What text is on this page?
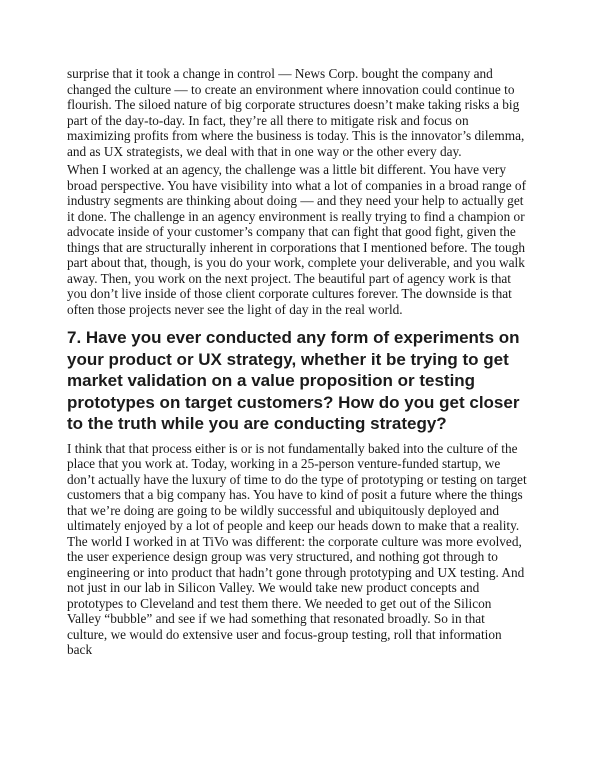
surprise that it took a change in control — News Corp. bought the company and changed the culture — to create an environment where innovation could continue to flourish. The siloed nature of big corporate structures doesn’t make taking risks a big part of the day-to-day. In fact, they’re all there to mitigate risk and focus on maximizing profits from where the business is today. This is the innovator’s dilemma, and as UX strategists, we deal with that in one way or the other every day.

When I worked at an agency, the challenge was a little bit different. You have very broad perspective. You have visibility into what a lot of companies in a broad range of industry segments are thinking about doing — and they need your help to actually get it done. The challenge in an agency environment is really trying to find a champion or advocate inside of your customer’s company that can fight that good fight, given the things that are structurally inherent in corporations that I mentioned before. The tough part about that, though, is you do your work, complete your deliverable, and you walk away. Then, you work on the next project. The beautiful part of agency work is that you don’t live inside of those client corporate cultures forever. The downside is that often those projects never see the light of day in the real world.

7. Have you ever conducted any form of experiments on your product or UX strategy, whether it be trying to get market validation on a value proposition or testing prototypes on target customers? How do you get closer to the truth while you are conducting strategy?

I think that that process either is or is not fundamentally baked into the culture of the place that you work at. Today, working in a 25-person venture-funded startup, we don’t actually have the luxury of time to do the type of prototyping or testing on target customers that a big company has. You have to kind of posit a future where the things that we’re doing are going to be wildly successful and ubiquitously deployed and ultimately enjoyed by a lot of people and keep our heads down to make that a reality. The world I worked in at TiVo was different: the corporate culture was more evolved, the user experience design group was very structured, and nothing got through to engineering or into product that hadn’t gone through prototyping and UX testing. And not just in our lab in Silicon Valley. We would take new product concepts and prototypes to Cleveland and test them there. We needed to get out of the Silicon Valley “bubble” and see if we had something that resonated broadly. So in that culture, we would do extensive user and focus-group testing, roll that information back
